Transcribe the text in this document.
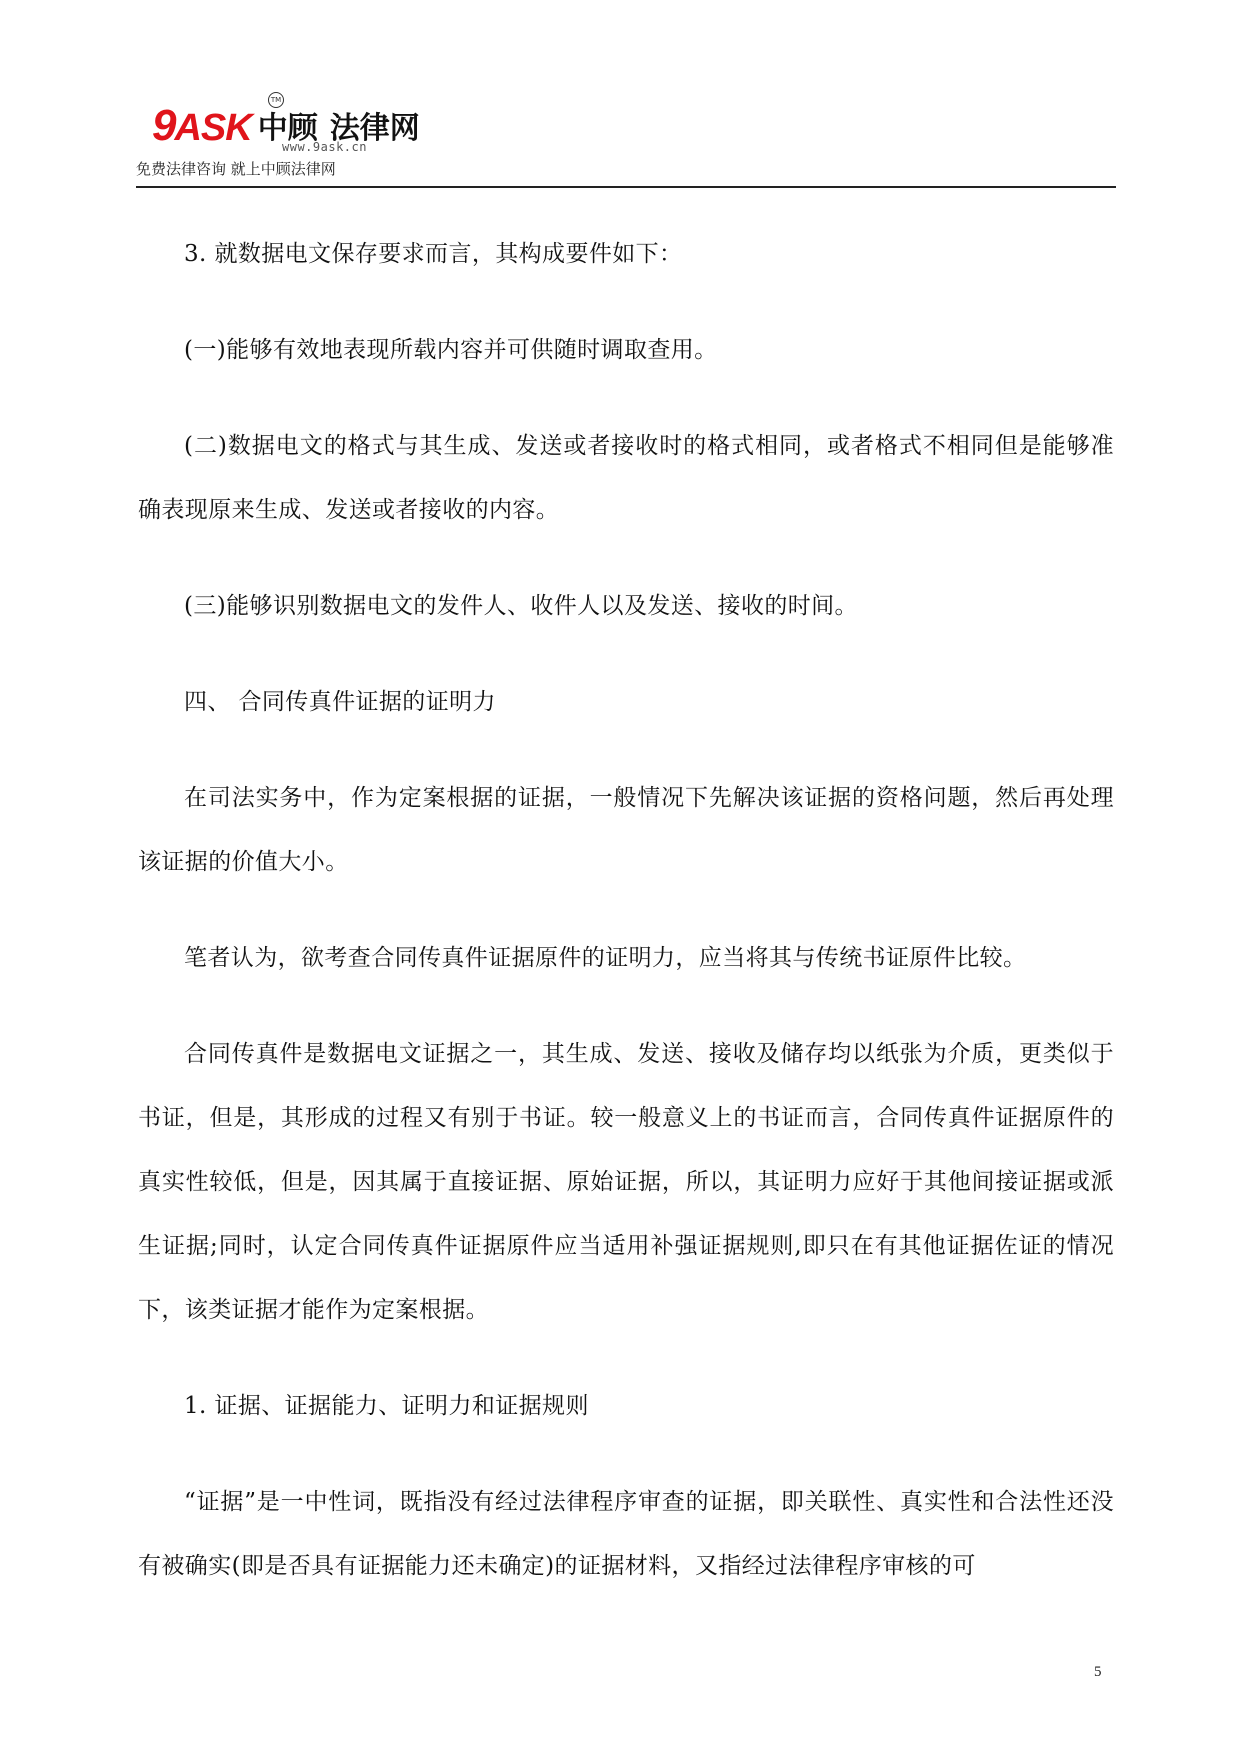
9 ASK 中顾 法律网
TM
www.9ask.cn
免费法律咨询 就上中顾法律网

3. 就数据电文保存要求而言，其构成要件如下：

(一)能够有效地表现所载内容并可供随时调取查用。

(二)数据电文的格式与其生成、发送或者接收时的格式相同，或者格式不相同但是能够准确表现原来生成、发送或者接收的内容。

(三)能够识别数据电文的发件人、收件人以及发送、接收的时间。

四、 合同传真件证据的证明力

在司法实务中，作为定案根据的证据，一般情况下先解决该证据的资格问题，然后再处理该证据的价值大小。

笔者认为，欲考查合同传真件证据原件的证明力，应当将其与传统书证原件比较。

合同传真件是数据电文证据之一，其生成、发送、接收及储存均以纸张为介质，更类似于书证，但是，其形成的过程又有别于书证。较一般意义上的书证而言，合同传真件证据原件的真实性较低，但是，因其属于直接证据、原始证据，所以，其证明力应好于其他间接证据或派生证据;同时，认定合同传真件证据原件应当适用补强证据规则,即只在有其他证据佐证的情况下，该类证据才能作为定案根据。

1. 证据、证据能力、证明力和证据规则

“证据”是一中性词，既指没有经过法律程序审查的证据，即关联性、真实性和合法性还没有被确实(即是否具有证据能力还未确定)的证据材料，又指经过法律程序审核的可

5
